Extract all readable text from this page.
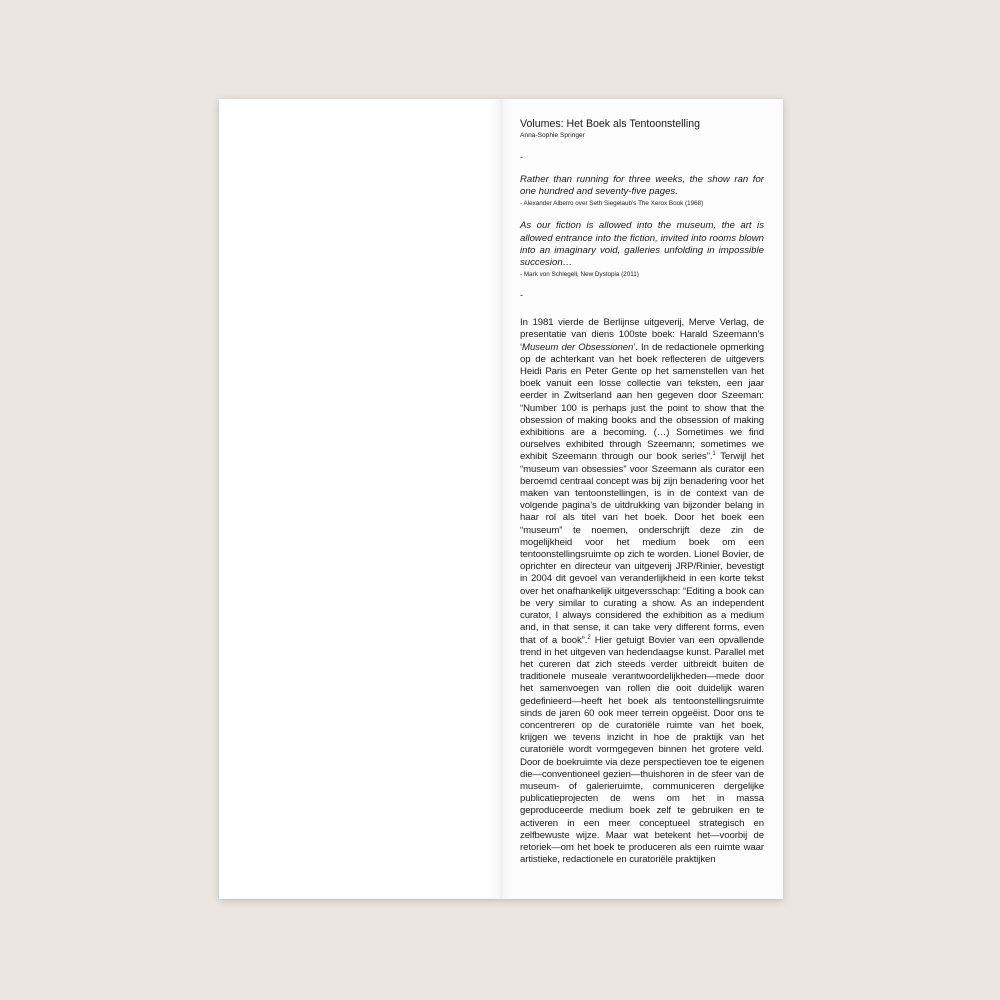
Volumes: Het Boek als Tentoonstelling

Anna-Sophie Springer

-

Rather than running for three weeks, the show ran for one hundred and seventy-five pages.

- Alexander Alberro over Seth Siegelaub’s The Xerox Book (1968)

As our fiction is allowed into the museum, the art is allowed entrance into the fiction, invited into rooms blown into an imaginary void, galleries unfolding in impossible succesion…

- Mark von Schlegell, New Dystopia (2011)

-
In 1981 vierde de Berlijnse uitgeverij, Merve Verlag, de presentatie van diens 100ste boek: Harald Szeemann’s ‘Museum der Obsessionen’. In de redactionele opmerking op de achterkant van het boek reflecteren de uitgevers Heidi Paris en Peter Gente op het samenstellen van het boek vanuit een losse collectie van teksten, een jaar eerder in Zwitserland aan hen gegeven door Szeeman: “Number 100 is perhaps just the point to show that the obsession of making books and the obsession of making exhibitions are a becoming. (…) Sometimes we find ourselves exhibited through Szeemann; sometimes we exhibit Szeemann through our book series”.$^1$ Terwijl het “museum van obsessies” voor Szeemann als curator een beroemd centraal concept was bij zijn benadering voor het maken van tentoonstellingen, is in de context van de volgende pagina’s de uitdrukking van bijzonder belang in haar rol als titel van het boek. Door het boek een “museum” te noemen, onderschrijft deze zin de mogelijkheid voor het medium boek om een tentoonstellingsruimte op zich te worden. Lionel Bovier, de oprichter en directeur van uitgeverij JRP/Rinier, bevestigt in 2004 dit gevoel van veranderlijkheid in een korte tekst over het onafhankelijk uitgeversschap: “Editing a book can be very similar to curating a show. As an independent curator, I always considered the exhibition as a medium and, in that sense, it can take very different forms, even that of a book”.$^2$ Hier getuigt Bovier van een opvallende trend in het uitgeven van hedendaagse kunst. Parallel met het cureren dat zich steeds verder uitbreidt buiten de traditionele museale verantwoordelijkheden—mede door het samenvoegen van rollen die ooit duidelijk waren gedefinieerd—heeft het boek als tentoonstellingsruimte sinds de jaren 60 ook meer terrein opgeëist. Door ons te concentreren op de curatoriële ruimte van het boek, krijgen we tevens inzicht in hoe de praktijk van het curatoriële wordt vormgegeven binnen het grotere veld. Door de boekruimte via deze perspectieven toe te eigenen die—conventioneel gezien—thuishoren in de sfeer van de museum- of galerieruimte, communiceren dergelijke publicatieprojecten de wens om het in massa geproduceerde medium boek zelf te gebruiken en te activeren in een meer conceptueel strategisch en zelfbewuste wijze. Maar wat betekent het—voorbij de retoriek—om het boek te produceren als een ruimte waar artistieke, redactionele en curatoriële praktijken
